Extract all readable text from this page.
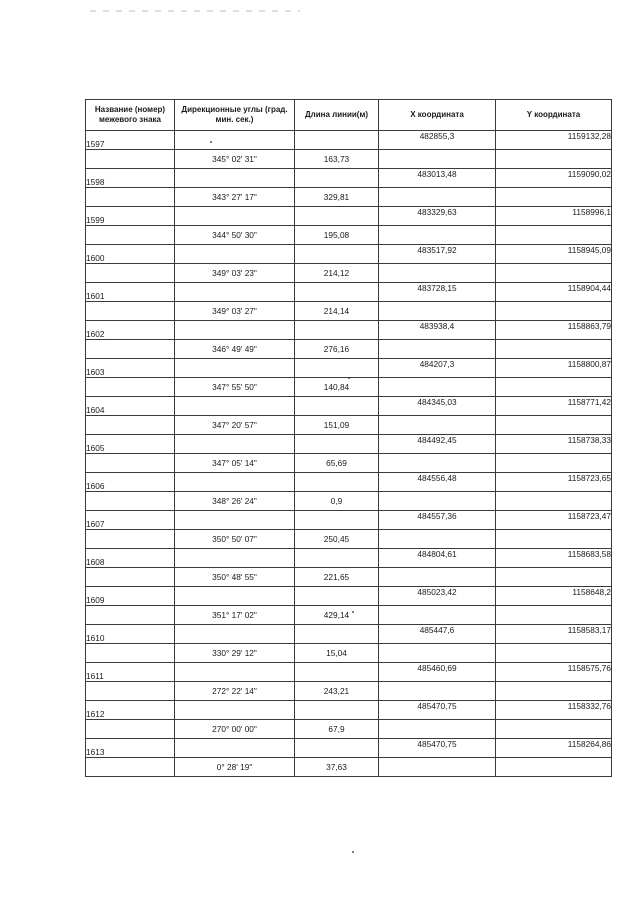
Название (номер) межевого знака	Дирекционные углы (град. мин. сек.)	Длина линии(м)	X координата	Y координата
1597			482855,3	1159132,28
	345° 02' 31"	163,73		
1598			483013,48	1159090,02
	343° 27' 17"	329,81		
1599			483329,63	1158996,1
	344° 50' 30"	195,08		
1600			483517,92	1158945,09
	349° 03' 23"	214,12		
1601			483728,15	1158904,44
	349° 03' 27"	214,14		
1602			483938,4	1158863,79
	346° 49' 49"	276,16		
1603			484207,3	1158800,87
	347° 55' 50"	140,84		
1604			484345,03	1158771,42
	347° 20' 57"	151,09		
1605			484492,45	1158738,33
	347° 05' 14"	65,69		
1606			484556,48	1158723,65
	348° 26' 24"	0,9		
1607			484557,36	1158723,47
	350° 50' 07"	250,45		
1608			484804,61	1158683,58
	350° 48' 55"	221,65		
1609			485023,42	1158648,2
	351° 17' 02"	429,14		
1610			485447,6	1158583,17
	330° 29' 12"	15,04		
1611			485460,69	1158575,76
	272° 22' 14"	243,21		
1612			485470,75	1158332,76
	270° 00' 00"	67,9		
1613			485470,75	1158264,86
	0° 28' 19"	37,63		
